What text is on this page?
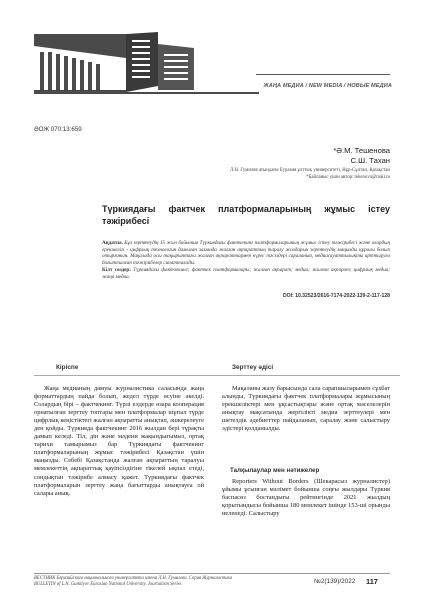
ЖАҢА МЕДИА / NEW MEDIA / НОВЫЕ МЕДИА
ӘОЖ 070:13:659
*Ә.М. Тешенова
С.Ш. Тахан
Л.Н. Гумилев атындағы Еуразия ұлттық университеті, Нұр-Сұлтан, Қазақстан
*Байланыс үшін автор: tekenova@mail.ru
Түркиядағы фактчек платформаларының жұмыс істеу тәжірибесі
Аңдатпа. Бұл зерттеудің 15 жыл бойынша Түркиядағы фактчекинг платформаларының жұмыс істеу тәжірибесі және олардың ерекшелігі - цифрлық технология дамыған заманда жалған ақпараттың таралу жолдарын зерттеудің маңызды құралы болып отырғанын. Мақалада осы тақырыптағы жалған ақпараттармен күрес тәсілдері сараланып, медиасауаттылықты арттыруға бағытталған тәжірибелер сипатталады.
Кілт сөздер: Түркиядағы фактчекинг; фактчек платформалары; жалған ақпарат; медиа; жалған ақпарат; цифрлық медиа; жаңа медиа.
DOI: 10.32523/2616-7174-2022-139-2-117-128
Кіріспе	Зерттеу әдісі
Жаңа медианың дамуы журналистика саласында жаңа форматтардың пайда болып, жедел түрде өсуіне әкелді. Солардың бірі – фактчекинг. Түрлі елдерде өзара кооперация орнатылған зерттеу топтары мен платформалар шұғыл түрде цифрлық кеңістіктегі жалған ақпаратты анықтап, әшкерелеуге ден қойды. Түркияда фактчекинг 2016 жылдан бері тұрақты дамып келеді. Тіл, дін және мәдени жақындығымыз, ортақ тарихи тамырымыз бар Түркиядағы фактчекинг платформаларының жұмыс тәжірибесі Қазақстан үшін маңызды. Себебі Қазақстанда жалған ақпараттың таралуы мемлекеттің ақпараттық қауіпсіздігіне тікелей ықпал етеді, сондықтан тәжірибе алмасу қажет. Түркиядағы фактчек платформаларын зерттеу жаңа бағыттарды анықтауға ой салары анық.
Мақаланы жазу барысында сала сарапшыларымен сұхбат алынды, Түркиядағы фактчек платформалары жұмысының ерекшеліктері мен ұқсастықтары және ортақ мәселелерін анықтау мақсатында жергілікті медиа зерттеулері мен шетелдік әдебиеттер пайдаланып, саралау және салыстыру әдістері қолданылды.
Талқылаулар мен нәтижелер
Reporters Without Borders (Шекарасыз журналистер) ұйымы ұсынған мәлімет бойынша соңғы жылдары Түркия баспасөз бостандығы рейтингінде 2021 жылдың қорытындысы бойынша 180 мемлекет ішінде 153-ші орынды иеленеді. Салыстыру
ВЕСТНИК Евразийского национального университета имени Л.Н. Гумилева. Серия Журналистика
BULLETIN of L.N. Gumilyov Eurasian National University. Journalism Series	№2(139)/2022 117
